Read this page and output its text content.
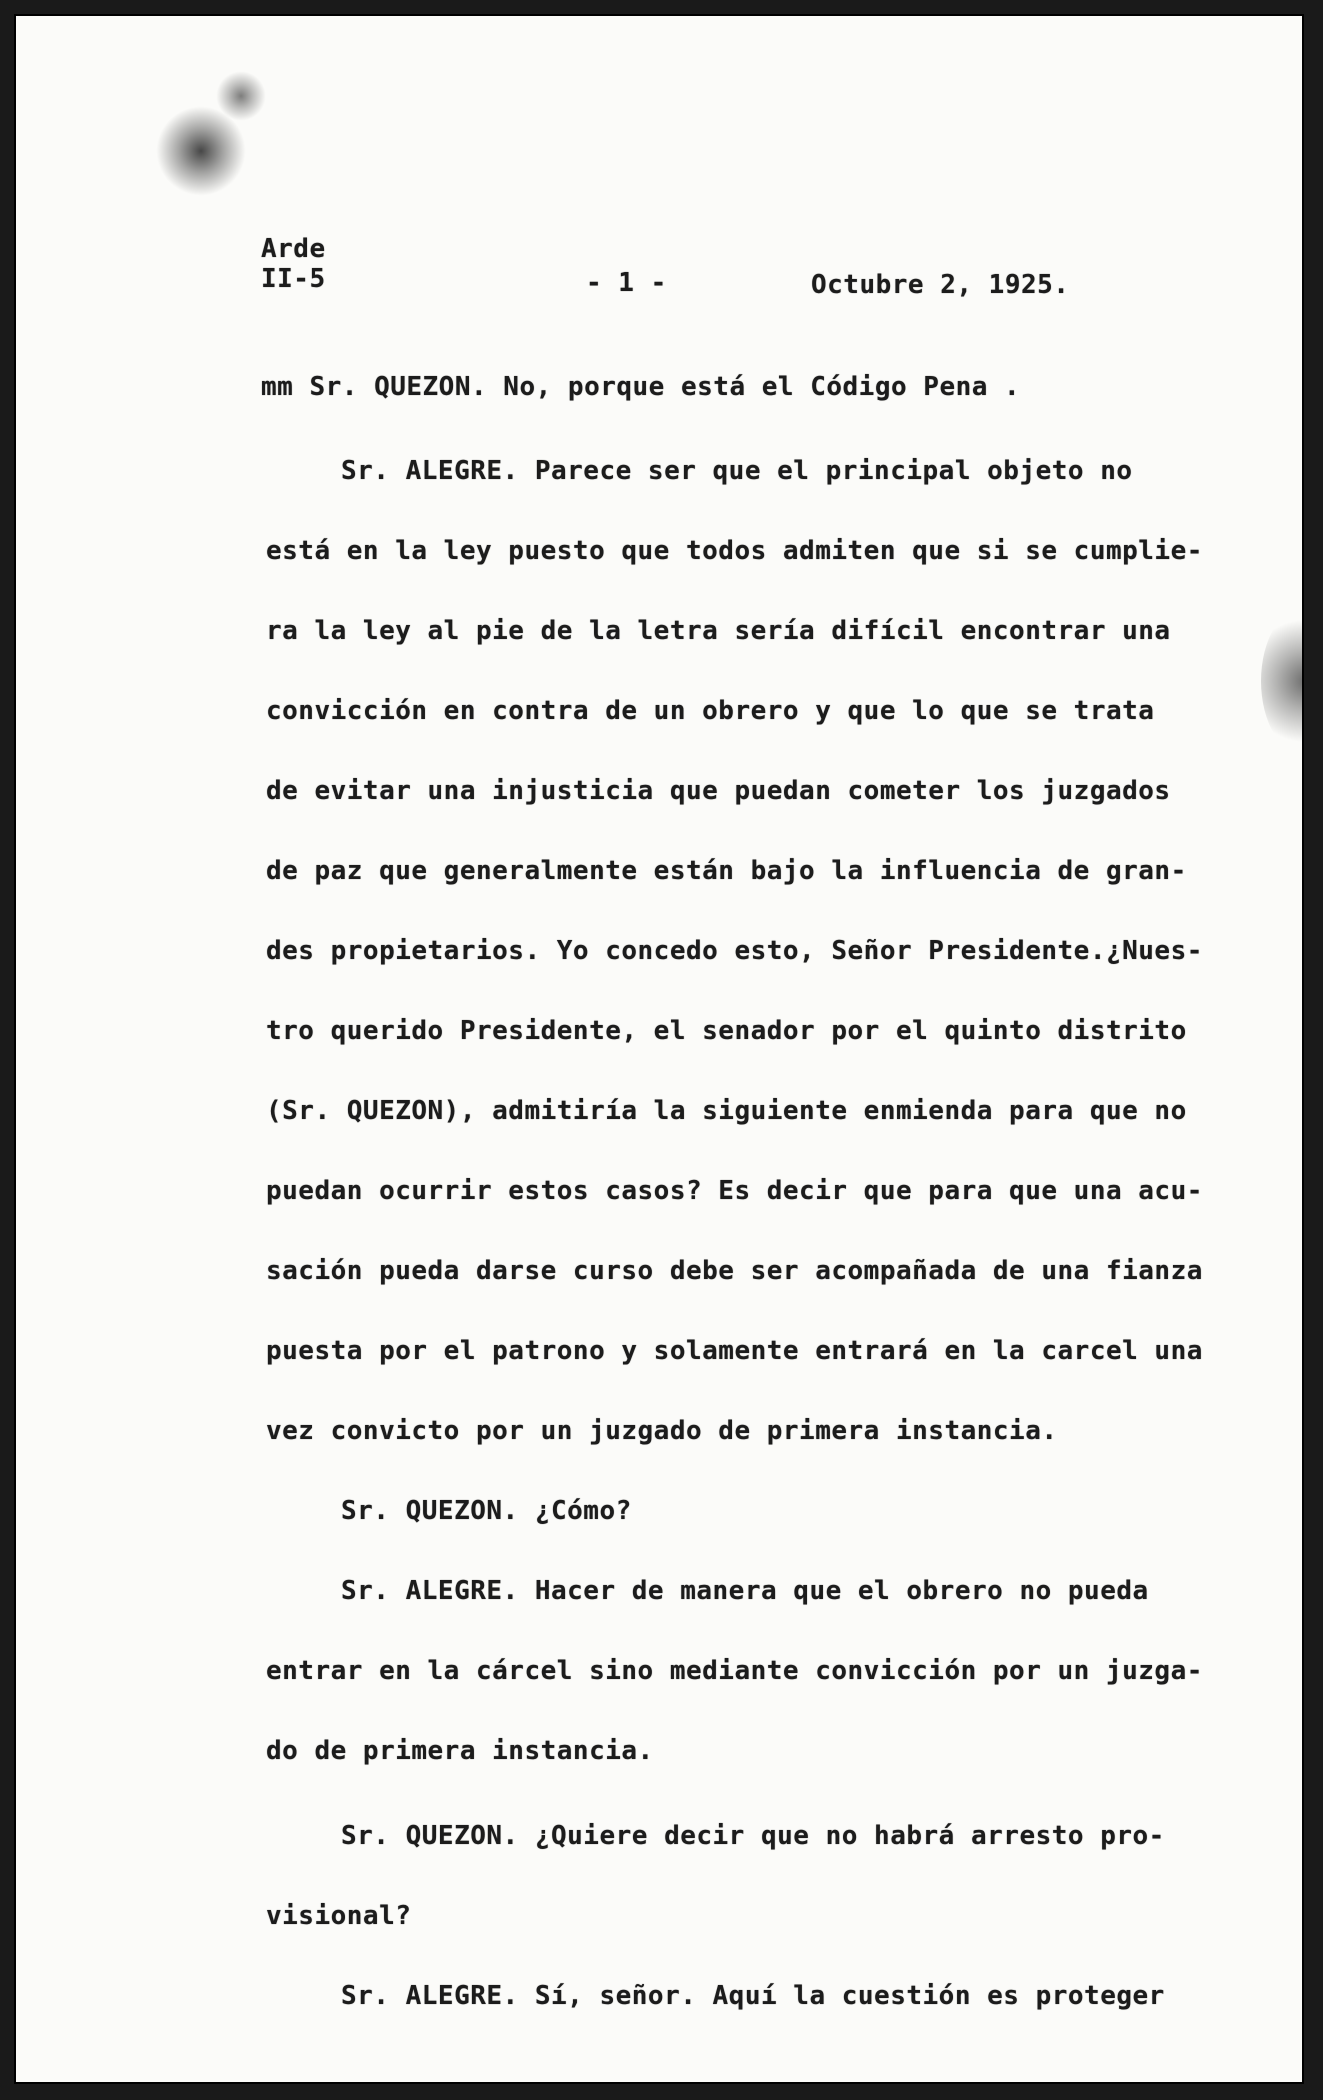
Arde
II-5	- 1 -	Octubre 2, 1925.
mm Sr. QUEZON. No, porque está el Código Pena .
Sr. ALEGRE. Parece ser que el principal objeto no
está en la ley puesto que todos admiten que si se cumplie-
ra la ley al pie de la letra sería difícil encontrar una
convicción en contra de un obrero y que lo que se trata
de evitar una injusticia que puedan cometer los juzgados
de paz que generalmente están bajo la influencia de gran-
des propietarios. Yo concedo esto, Señor Presidente.¿Nues-
tro querido Presidente, el senador por el quinto distrito
(Sr. QUEZON), admitiría la siguiente enmienda para que no
puedan ocurrir estos casos? Es decir que para que una acu-
sación pueda darse curso debe ser acompañada de una fianza
puesta por el patrono y solamente entrará en la carcel una
vez convicto por un juzgado de primera instancia.
Sr. QUEZON. ¿Cómo?
Sr. ALEGRE. Hacer de manera que el obrero no pueda
entrar en la cárcel sino mediante convicción por un juzga-
do de primera instancia.
Sr. QUEZON. ¿Quiere decir que no habrá arresto pro-
visional?
Sr. ALEGRE. Sí, señor. Aquí la cuestión es proteger
